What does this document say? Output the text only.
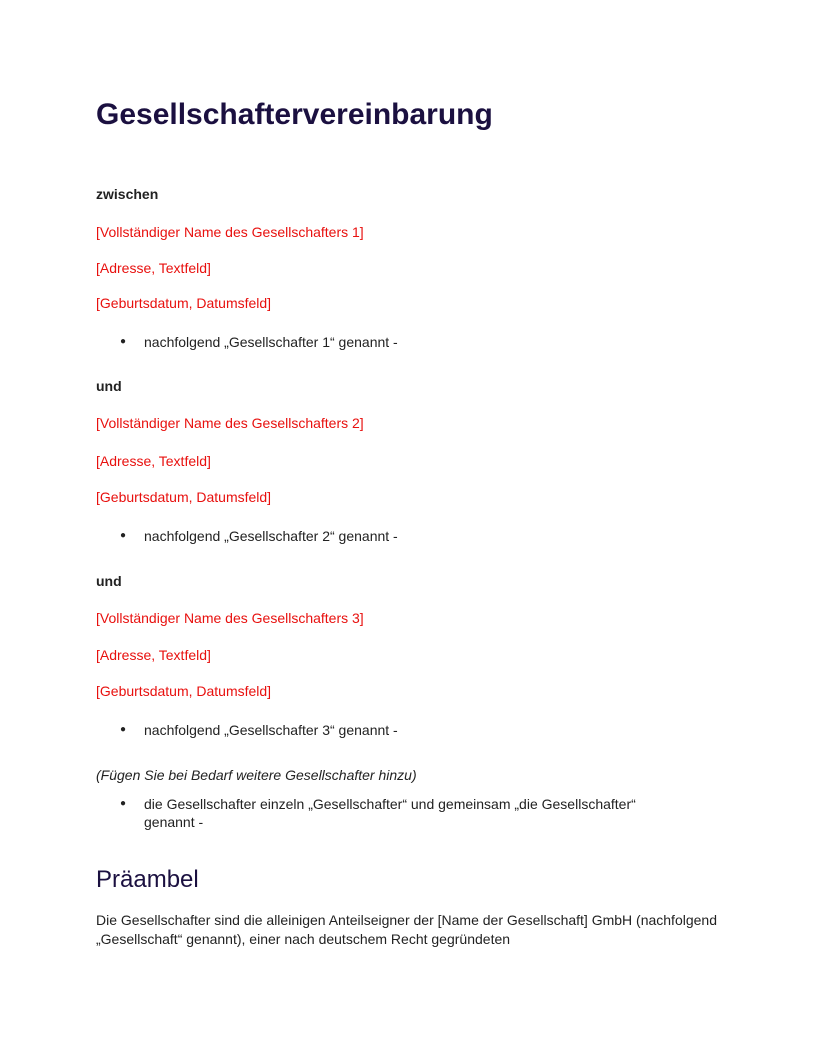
Gesellschaftervereinbarung
zwischen
[Vollständiger Name des Gesellschafters 1]
[Adresse, Textfeld]
[Geburtsdatum, Datumsfeld]
●	nachfolgend „Gesellschafter 1“ genannt -
und
[Vollständiger Name des Gesellschafters 2]
[Adresse, Textfeld]
[Geburtsdatum, Datumsfeld]
●	nachfolgend „Gesellschafter 2“ genannt -
und
[Vollständiger Name des Gesellschafters 3]
[Adresse, Textfeld]
[Geburtsdatum, Datumsfeld]
●	nachfolgend „Gesellschafter 3“ genannt -
(Fügen Sie bei Bedarf weitere Gesellschafter hinzu)
●	die Gesellschafter einzeln „Gesellschafter“ und gemeinsam „die Gesellschafter“ genannt -
Präambel
Die Gesellschafter sind die alleinigen Anteilseigner der [Name der Gesellschaft] GmbH (nachfolgend „Gesellschaft“ genannt), einer nach deutschem Recht gegründeten
